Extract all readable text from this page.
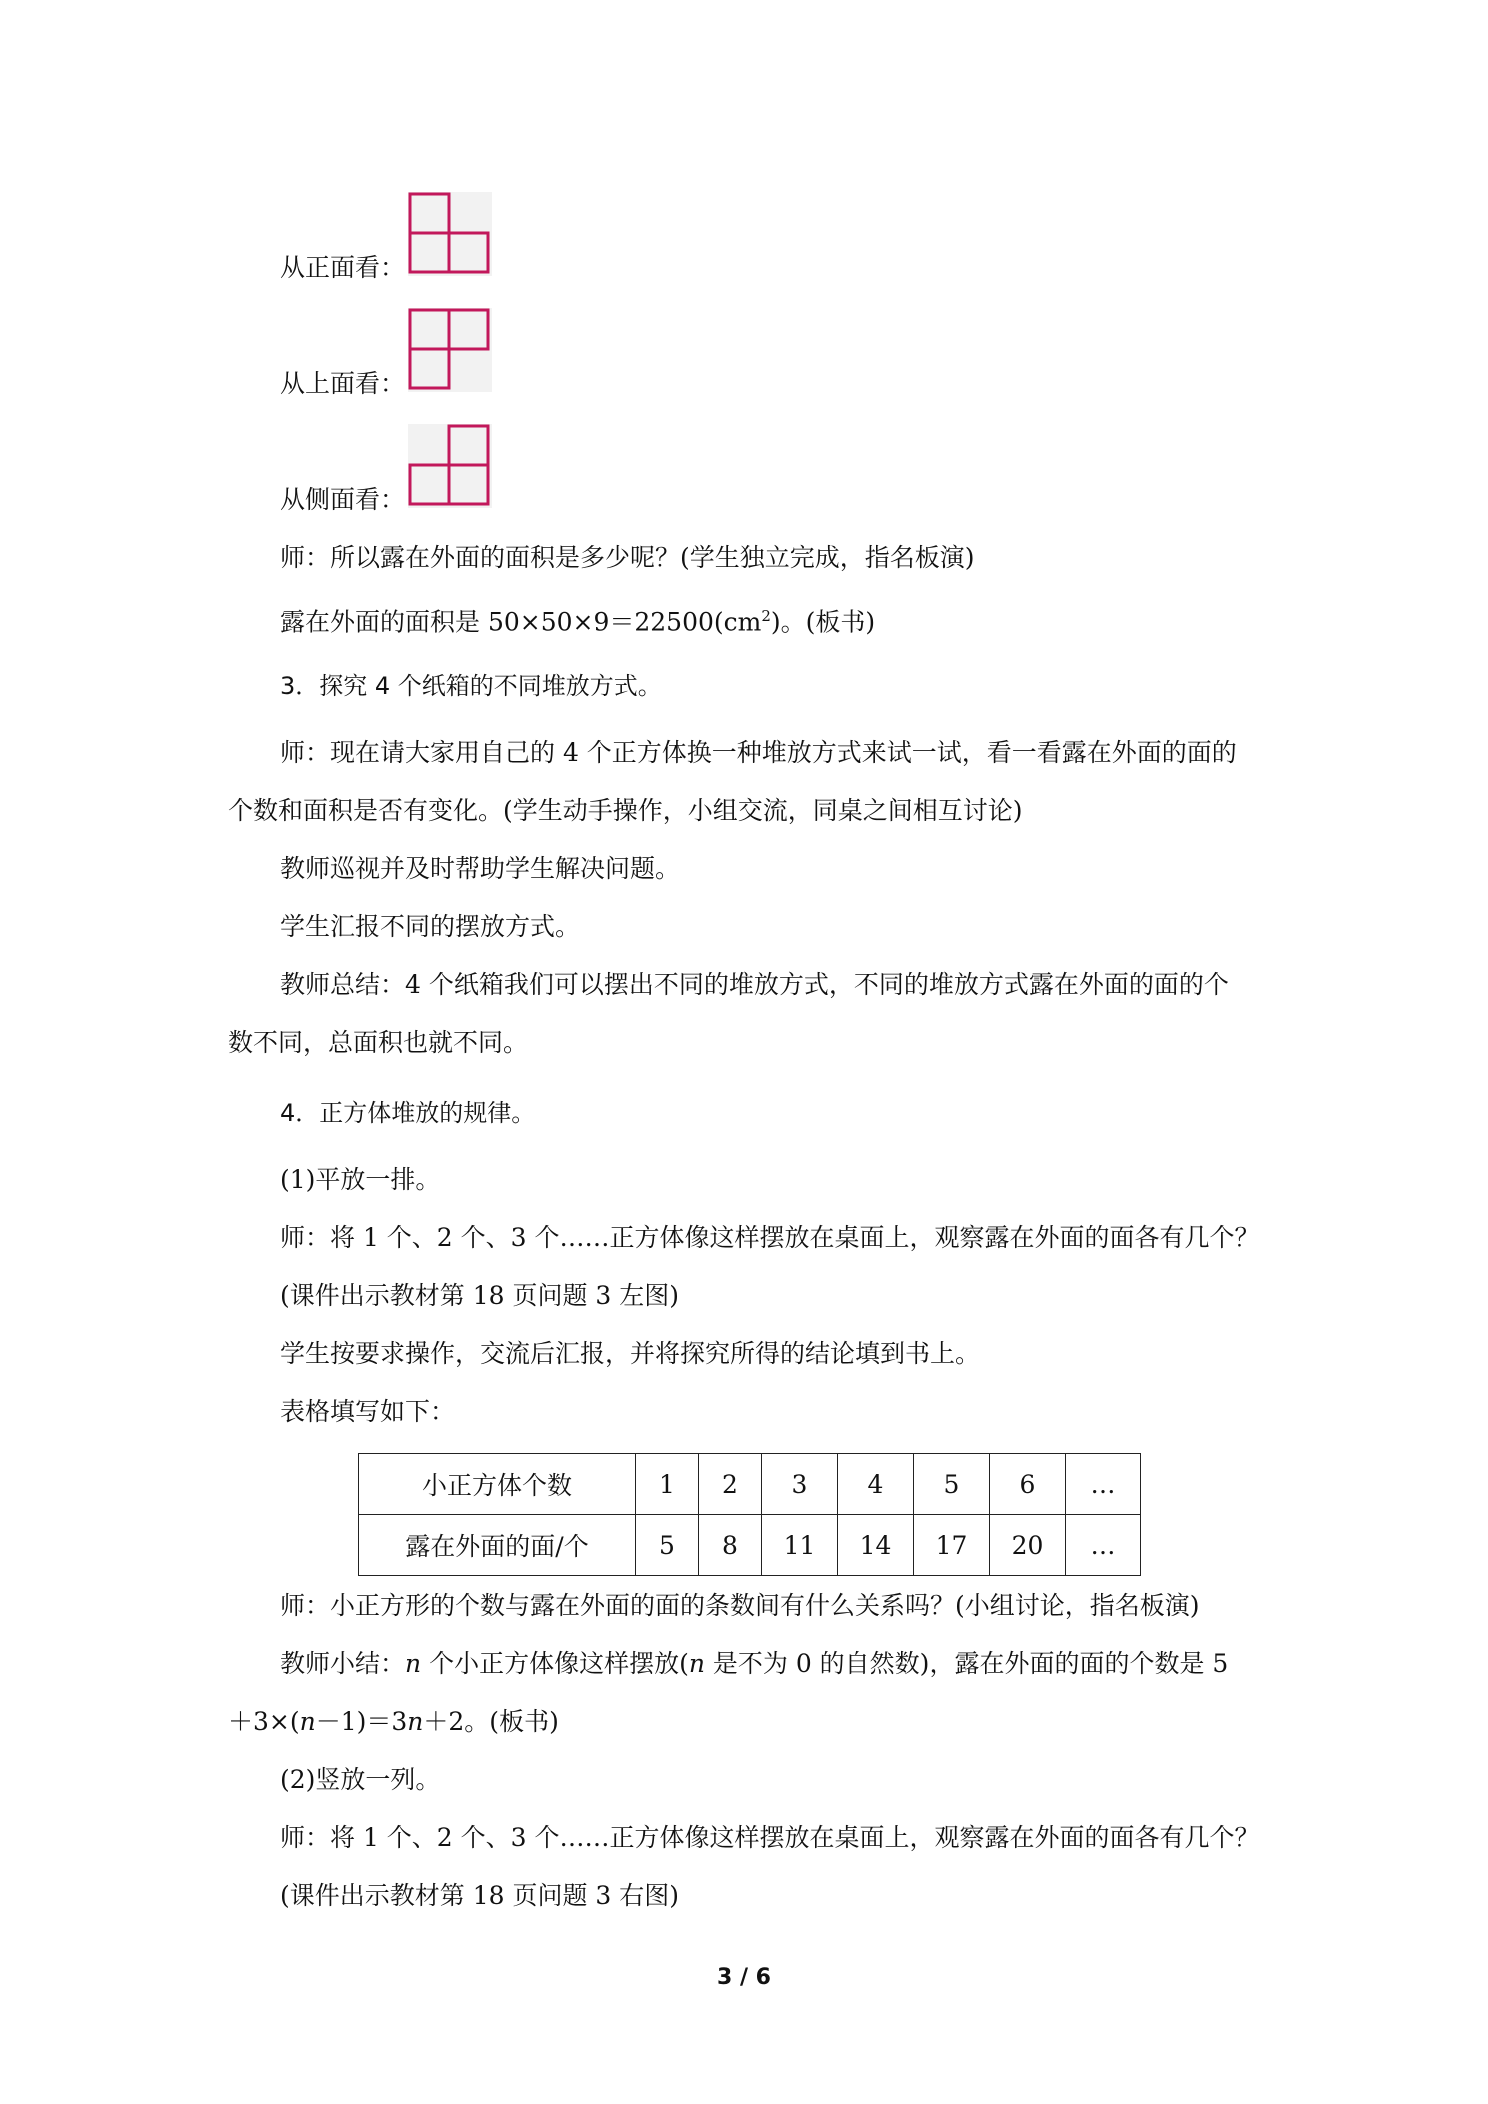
从正面看：
从上面看：
从侧面看：
师：所以露在外面的面积是多少呢？(学生独立完成，指名板演)
露在外面的面积是 $50\times 50\times 9=22500(cm^2)$。(板书)
3．探究 4 个纸箱的不同堆放方式。
师：现在请大家用自己的 4 个正方体换一种堆放方式来试一试，看一看露在外面的面的
个数和面积是否有变化。(学生动手操作，小组交流，同桌之间相互讨论)
教师巡视并及时帮助学生解决问题。
学生汇报不同的摆放方式。
教师总结：4 个纸箱我们可以摆出不同的堆放方式，不同的堆放方式露在外面的面的个
数不同，总面积也就不同。
4．正方体堆放的规律。
(1)平放一排。
师：将 1 个、2 个、3 个……正方体像这样摆放在桌面上，观察露在外面的面各有几个？
(课件出示教材第 18 页问题 3 左图)
学生按要求操作，交流后汇报，并将探究所得的结论填到书上。
表格填写如下：
小正方体个数	1	2	3	4	5	6	…
露在外面的面/个	5	8	11	14	17	20	…
师：小正方形的个数与露在外面的面的条数间有什么关系吗？(小组讨论，指名板演)
教师小结：n 个小正方体像这样摆放(n 是不为 0 的自然数)，露在外面的面的个数是 5
＋3×(n－1)＝3n＋2。(板书)
(2)竖放一列。
师：将 1 个、2 个、3 个……正方体像这样摆放在桌面上，观察露在外面的面各有几个？
(课件出示教材第 18 页问题 3 右图)
3 / 6
